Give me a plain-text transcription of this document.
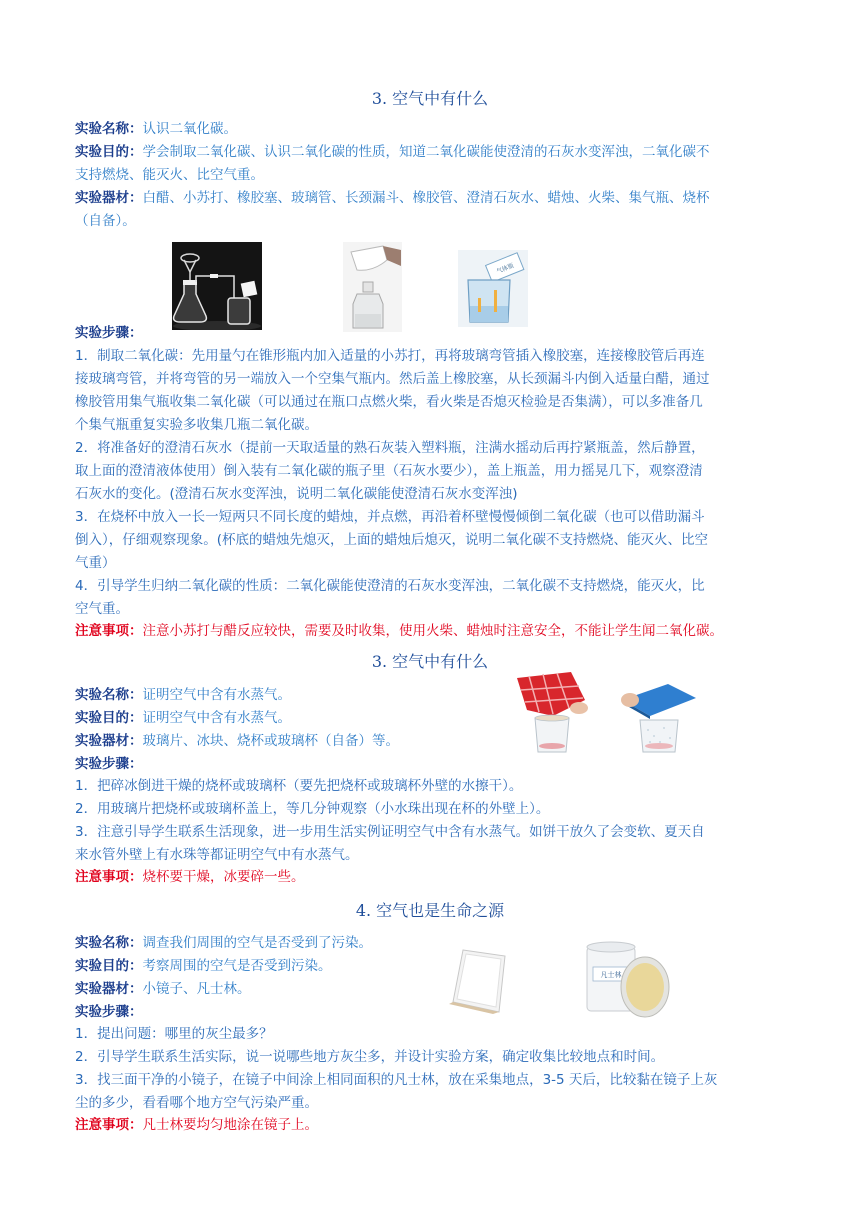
3. 空气中有什么
实验名称：认识二氧化碳。
实验目的：学会制取二氧化碳、认识二氧化碳的性质，知道二氧化碳能使澄清的石灰水变浑浊，二氧化碳不
支持燃烧、能灭火、比空气重。
实验器材：白醋、小苏打、橡胶塞、玻璃管、长颈漏斗、橡胶管、澄清石灰水、蜡烛、火柴、集气瓶、烧杯
（自备）。
气体瓶
实验步骤：
1．制取二氧化碳：先用量勺在锥形瓶内加入适量的小苏打，再将玻璃弯管插入橡胶塞，连接橡胶管后再连
接玻璃弯管，并将弯管的另一端放入一个空集气瓶内。然后盖上橡胶塞，从长颈漏斗内倒入适量白醋，通过
橡胶管用集气瓶收集二氧化碳（可以通过在瓶口点燃火柴，看火柴是否熄灭检验是否集满），可以多准备几
个集气瓶重复实验多收集几瓶二氧化碳。
2．将准备好的澄清石灰水（提前一天取适量的熟石灰装入塑料瓶，注满水摇动后再拧紧瓶盖，然后静置，
取上面的澄清液体使用）倒入装有二氧化碳的瓶子里（石灰水要少），盖上瓶盖，用力摇晃几下，观察澄清
石灰水的变化。(澄清石灰水变浑浊，说明二氧化碳能使澄清石灰水变浑浊)
3．在烧杯中放入一长一短两只不同长度的蜡烛，并点燃，再沿着杯壁慢慢倾倒二氧化碳（也可以借助漏斗
倒入），仔细观察现象。(杯底的蜡烛先熄灭，上面的蜡烛后熄灭，说明二氧化碳不支持燃烧、能灭火、比空
气重）
4．引导学生归纳二氧化碳的性质：二氧化碳能使澄清的石灰水变浑浊，二氧化碳不支持燃烧，能灭火，比
空气重。
注意事项：注意小苏打与醋反应较快，需要及时收集，使用火柴、蜡烛时注意安全，不能让学生闻二氧化碳。
3. 空气中有什么
实验名称：证明空气中含有水蒸气。
实验目的：证明空气中含有水蒸气。
实验器材：玻璃片、冰块、烧杯或玻璃杯（自备）等。
实验步骤：
1．把碎冰倒进干燥的烧杯或玻璃杯（要先把烧杯或玻璃杯外壁的水擦干）。
2．用玻璃片把烧杯或玻璃杯盖上，等几分钟观察（小水珠出现在杯的外壁上）。
3．注意引导学生联系生活现象，进一步用生活实例证明空气中含有水蒸气。如饼干放久了会变软、夏天自
来水管外壁上有水珠等都证明空气中有水蒸气。
注意事项：烧杯要干燥，冰要碎一些。
4. 空气也是生命之源
实验名称：调查我们周围的空气是否受到了污染。
实验目的：考察周围的空气是否受到污染。
实验器材：小镜子、凡士林。
凡士林
实验步骤：
1．提出问题：哪里的灰尘最多？
2．引导学生联系生活实际，说一说哪些地方灰尘多，并设计实验方案，确定收集比较地点和时间。
3．找三面干净的小镜子，在镜子中间涂上相同面积的凡士林，放在采集地点，3-5 天后，比较黏在镜子上灰
尘的多少，看看哪个地方空气污染严重。
注意事项：凡士林要均匀地涂在镜子上。
